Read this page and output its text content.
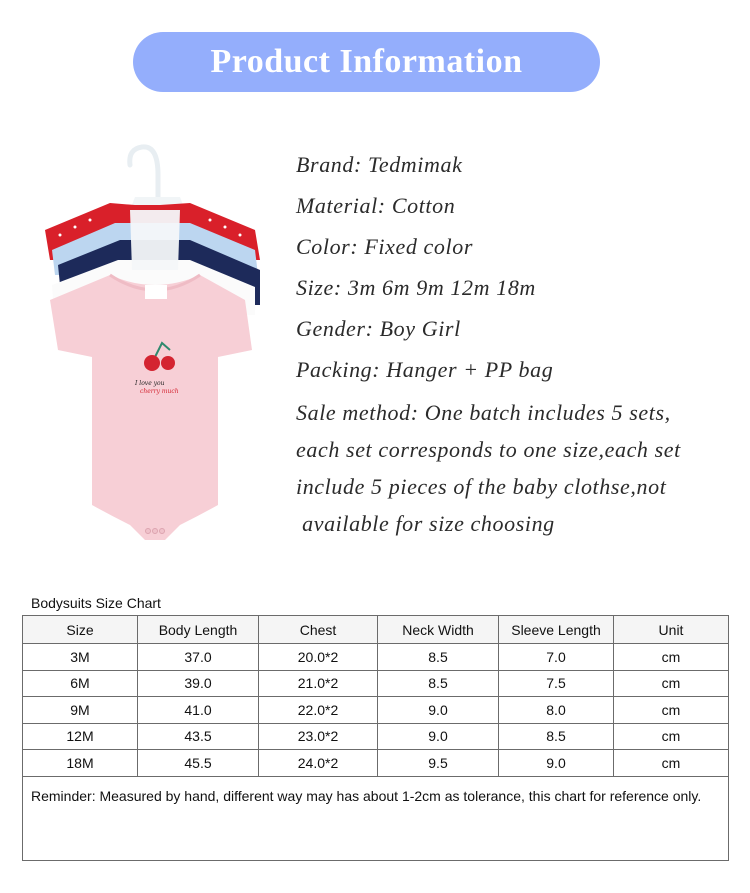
Product Information
I love you
cherry much
Brand: Tedmimak
Material: Cotton
Color: Fixed color
Size: 3m 6m 9m 12m 18m
Gender: Boy Girl
Packing: Hanger + PP bag
Sale method: One batch includes 5 sets,
each set corresponds to one size,each set
include 5 pieces of the baby clothse,not
available for size choosing
Bodysuits Size Chart
Size	Body Length	Chest	Neck Width	Sleeve Length	Unit
3M	37.0	20.0*2	8.5	7.0	cm
6M	39.0	21.0*2	8.5	7.5	cm
9M	41.0	22.0*2	9.0	8.0	cm
12M	43.5	23.0*2	9.0	8.5	cm
18M	45.5	24.0*2	9.5	9.0	cm
Reminder: Measured by hand, different way may has about 1-2cm as tolerance, this chart for reference only.					
